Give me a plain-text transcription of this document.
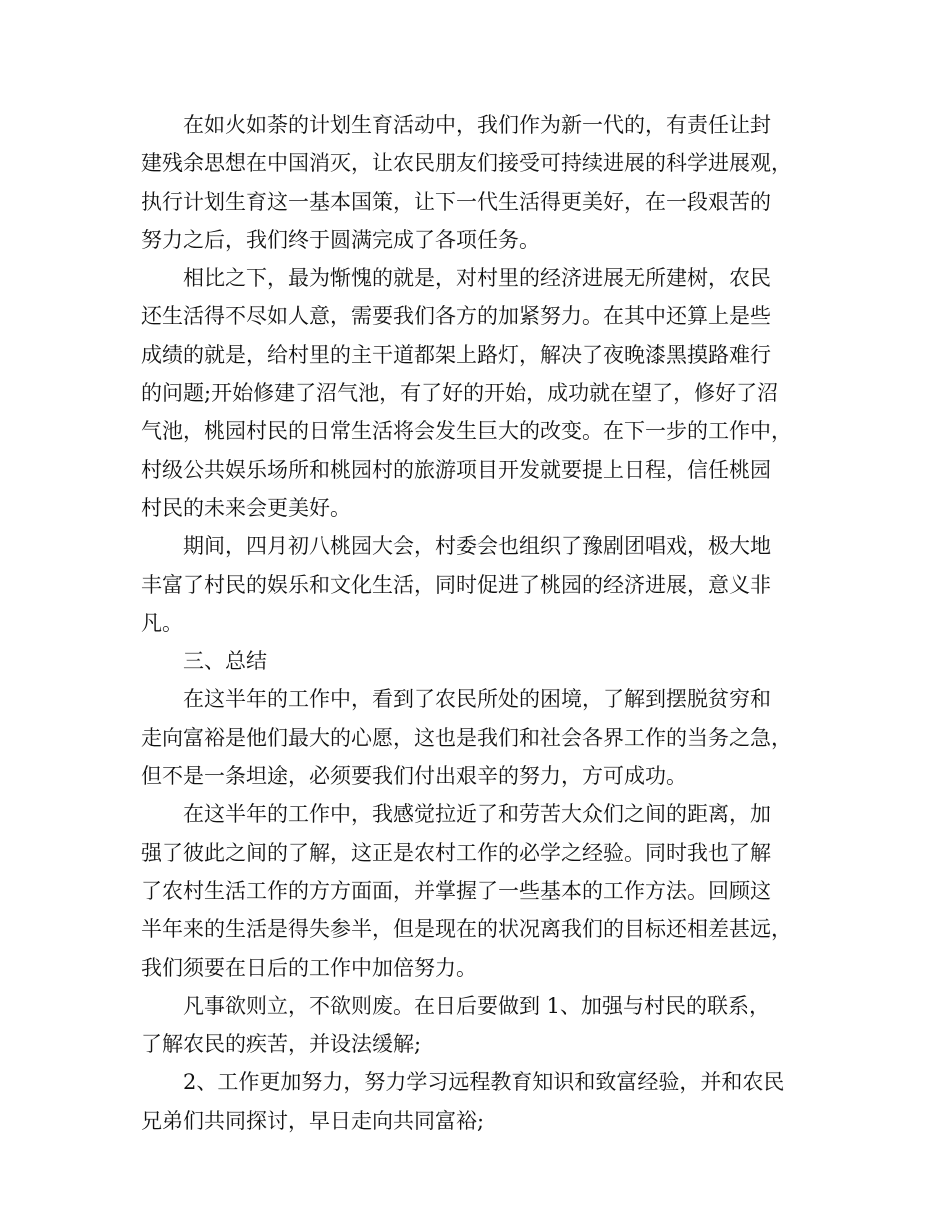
在如火如荼的计划生育活动中，我们作为新一代的，有责任让封
建残余思想在中国消灭，让农民朋友们接受可持续进展的科学进展观，
执行计划生育这一基本国策，让下一代生活得更美好，在一段艰苦的
努力之后，我们终于圆满完成了各项任务。

相比之下，最为惭愧的就是，对村里的经济进展无所建树，农民
还生活得不尽如人意，需要我们各方的加紧努力。在其中还算上是些
成绩的就是，给村里的主干道都架上路灯，解决了夜晚漆黑摸路难行
的问题;开始修建了沼气池，有了好的开始，成功就在望了，修好了沼
气池，桃园村民的日常生活将会发生巨大的改变。在下一步的工作中，
村级公共娱乐场所和桃园村的旅游项目开发就要提上日程，信任桃园
村民的未来会更美好。

期间，四月初八桃园大会，村委会也组织了豫剧团唱戏，极大地
丰富了村民的娱乐和文化生活，同时促进了桃园的经济进展，意义非
凡。

三、总结

在这半年的工作中，看到了农民所处的困境，了解到摆脱贫穷和
走向富裕是他们最大的心愿，这也是我们和社会各界工作的当务之急，
但不是一条坦途，必须要我们付出艰辛的努力，方可成功。

在这半年的工作中，我感觉拉近了和劳苦大众们之间的距离，加
强了彼此之间的了解，这正是农村工作的必学之经验。同时我也了解
了农村生活工作的方方面面，并掌握了一些基本的工作方法。回顾这
半年来的生活是得失参半，但是现在的状况离我们的目标还相差甚远，
我们须要在日后的工作中加倍努力。

凡事欲则立，不欲则废。在日后要做到 1、加强与村民的联系，
了解农民的疾苦，并设法缓解;

2、工作更加努力，努力学习远程教育知识和致富经验，并和农民
兄弟们共同探讨，早日走向共同富裕;
